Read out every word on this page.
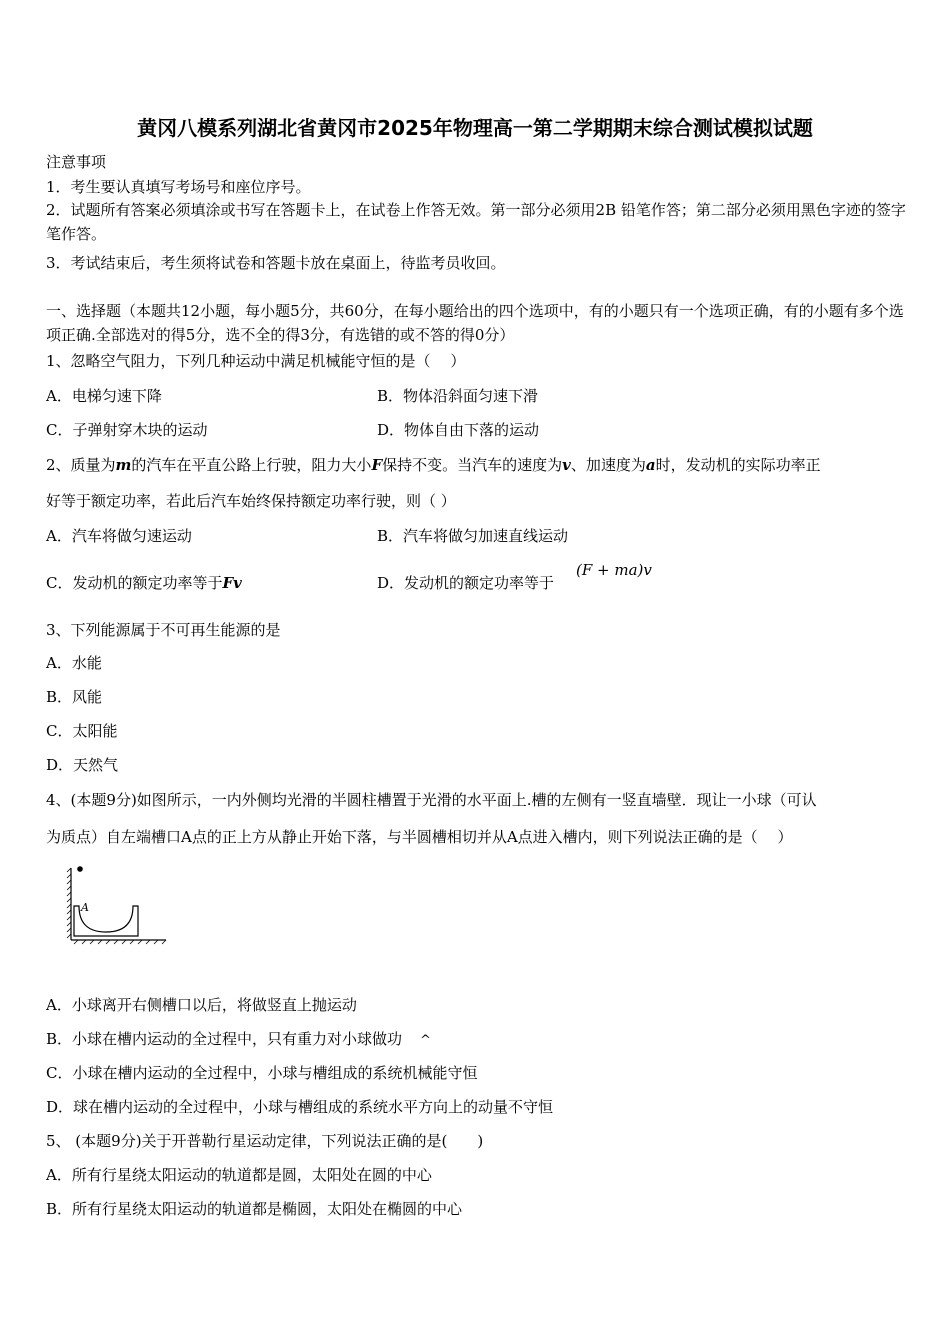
黄冈八模系列湖北省黄冈市2025年物理高一第二学期期末综合测试模拟试题
注意事项
1．考生要认真填写考场号和座位序号。
2．试题所有答案必须填涂或书写在答题卡上，在试卷上作答无效。第一部分必须用2B 铅笔作答；第二部分必须用黑色字迹的签字笔作答。
3．考试结束后，考生须将试卷和答题卡放在桌面上，待监考员收回。
一、选择题（本题共12小题，每小题5分，共60分，在每小题给出的四个选项中，有的小题只有一个选项正确，有的小题有多个选项正确.全部选对的得5分，选不全的得3分，有选错的或不答的得0分）
1、忽略空气阻力，下列几种运动中满足机械能守恒的是（　 ）
A．电梯匀速下降	B．物体沿斜面匀速下滑
C．子弹射穿木块的运动	D．物体自由下落的运动
2、质量为m的汽车在平直公路上行驶，阻力大小F保持不变。当汽车的速度为v、加速度为a时，发动机的实际功率正
好等于额定功率，若此后汽车始终保持额定功率行驶，则（ ）
A．汽车将做匀速运动	B．汽车将做匀加速直线运动
C．发动机的额定功率等于Fv	D．发动机的额定功率等于
(F + ma)v
3、下列能源属于不可再生能源的是
A．水能
B．风能
C．太阳能
D．天然气
4、(本题9分)如图所示，一内外侧均光滑的半圆柱槽置于光滑的水平面上.槽的左侧有一竖直墙壁．现让一小球（可认
为质点）自左端槽口A点的正上方从静止开始下落，与半圆槽相切并从A点进入槽内，则下列说法正确的是（　 ）
A
A．小球离开右侧槽口以后，将做竖直上抛运动
B．小球在槽内运动的全过程中，只有重力对小球做功 ^
C．小球在槽内运动的全过程中，小球与槽组成的系统机械能守恒
D．球在槽内运动的全过程中，小球与槽组成的系统水平方向上的动量不守恒
5、 (本题9分)关于开普勒行星运动定律，下列说法正确的是(　　)
A．所有行星绕太阳运动的轨道都是圆，太阳处在圆的中心
B．所有行星绕太阳运动的轨道都是椭圆，太阳处在椭圆的中心
